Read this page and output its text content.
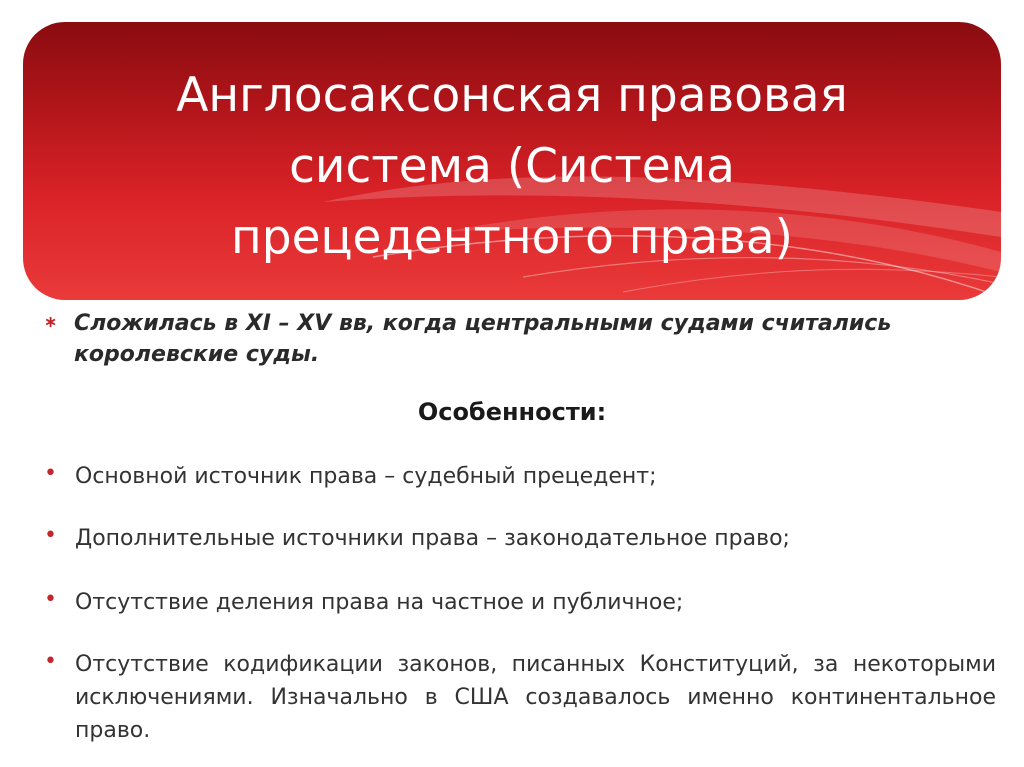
Англосаксонская правовая система (Система прецедентного права)
∗ Сложилась в XI – XV вв, когда центральными судами считались королевские суды.
Особенности:
• Основной источник права – судебный прецедент;
• Дополнительные источники права – законодательное право;
• Отсутствие деления права на частное и публичное;
• Отсутствие кодификации законов, писанных Конституций, за некоторыми исключениями. Изначально в США создавалось именно континентальное право.
